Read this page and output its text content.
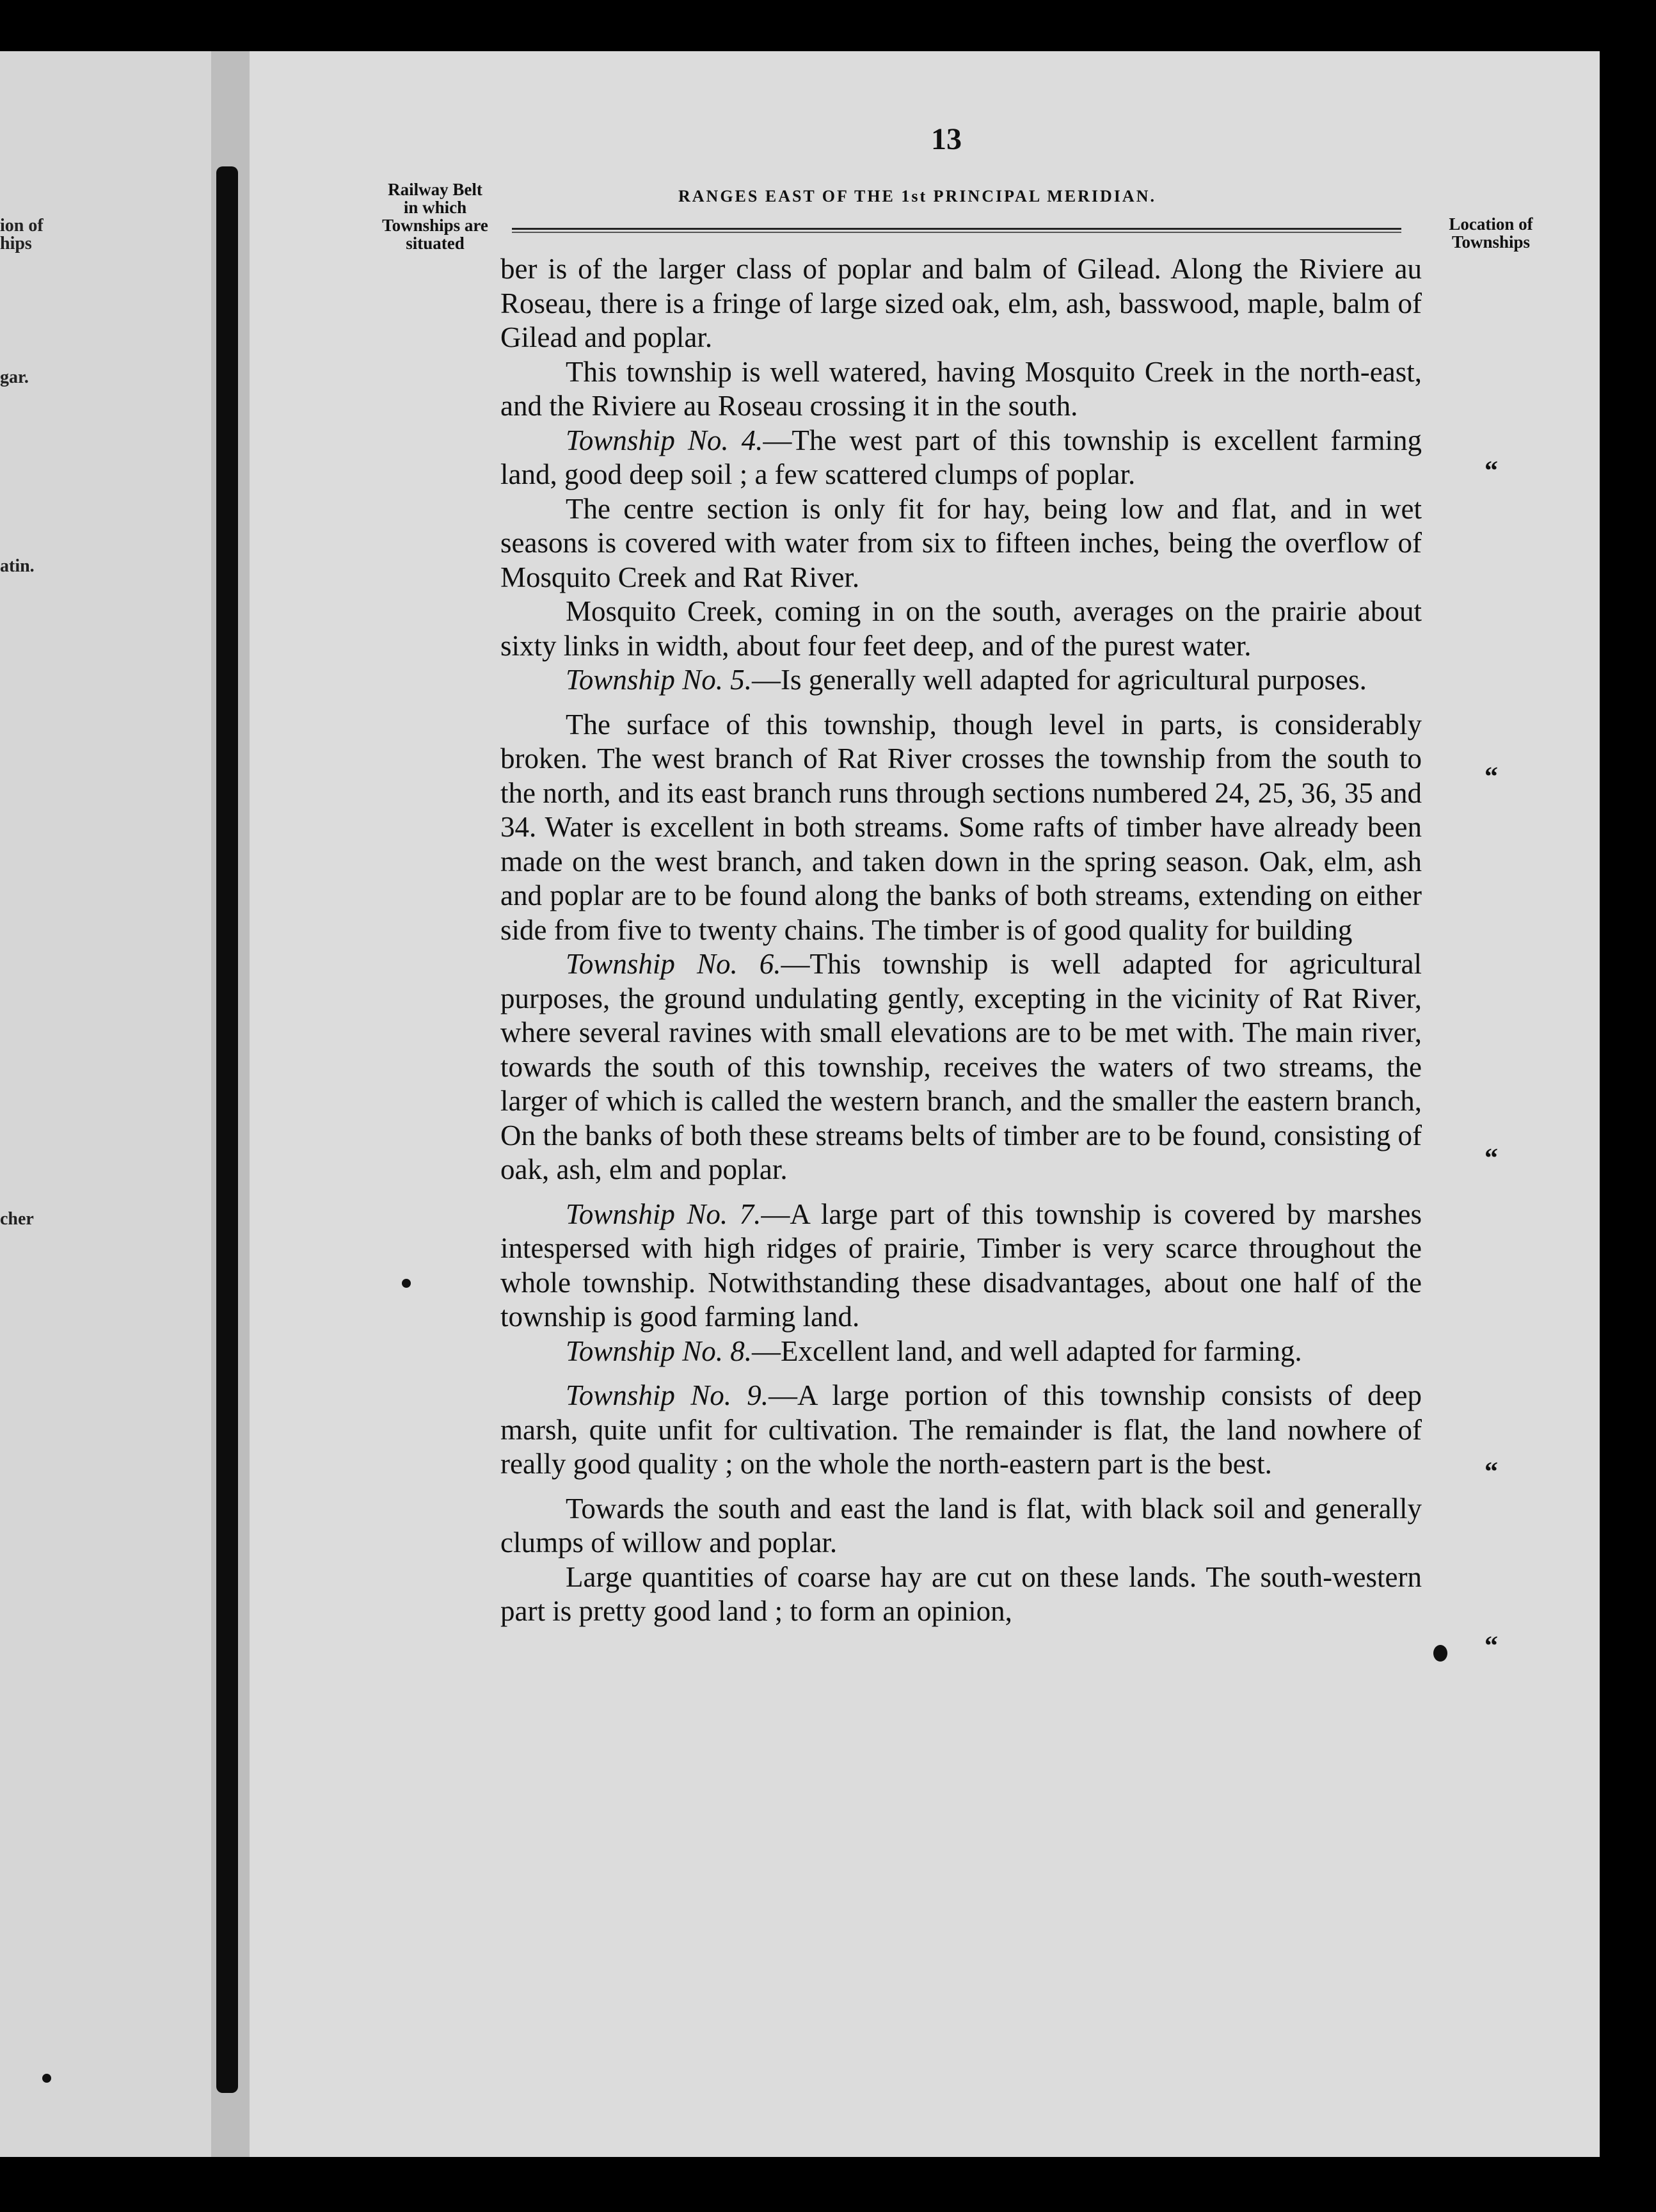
ion of
hips
gar.
atin.
cher
13
RANGES EAST OF THE 1st PRINCIPAL MERIDIAN.
Railway Belt
in which
Townships are
situated
Location of
Townships

ber is of the larger class of poplar and balm of Gilead. Along the Riviere au Roseau, there is a fringe of large sized oak, elm, ash, basswood, maple, balm of Gilead and poplar.

This township is well watered, having Mosquito Creek in the north-east, and the Riviere au Roseau crossing it in the south.

Township No. 4.—The west part of this township is excellent farming land, good deep soil ; a few scattered clumps of poplar.

The centre section is only fit for hay, being low and flat, and in wet seasons is covered with water from six to fifteen inches, being the overflow of Mosquito Creek and Rat River.

Mosquito Creek, coming in on the south, averages on the prairie about sixty links in width, about four feet deep, and of the purest water.

Township No. 5.—Is generally well adapted for agricultural purposes.

The surface of this township, though level in parts, is considerably broken. The west branch of Rat River crosses the township from the south to the north, and its east branch runs through sections numbered 24, 25, 36, 35 and 34. Water is excellent in both streams. Some rafts of timber have already been made on the west branch, and taken down in the spring season. Oak, elm, ash and poplar are to be found along the banks of both streams, extending on either side from five to twenty chains. The timber is of good quality for building

Township No. 6.—This township is well adapted for agricultural purposes, the ground undulating gently, excepting in the vicinity of Rat River, where several ravines with small elevations are to be met with. The main river, towards the south of this township, receives the waters of two streams, the larger of which is called the western branch, and the smaller the eastern branch, On the banks of both these streams belts of timber are to be found, consisting of oak, ash, elm and poplar.

Township No. 7.—A large part of this township is covered by marshes intespersed with high ridges of prairie, Timber is very scarce throughout the whole township. Notwithstanding these disadvantages, about one half of the township is good farming land.

Township No. 8.—Excellent land, and well adapted for farming.

Township No. 9.—A large portion of this township consists of deep marsh, quite unfit for cultivation. The remainder is flat, the land nowhere of really good quality ; on the whole the north-eastern part is the best.

Towards the south and east the land is flat, with black soil and generally clumps of willow and poplar.

Large quantities of coarse hay are cut on these lands. The south-western part is pretty good land ; to form an opinion,

“
“
“
“
“
